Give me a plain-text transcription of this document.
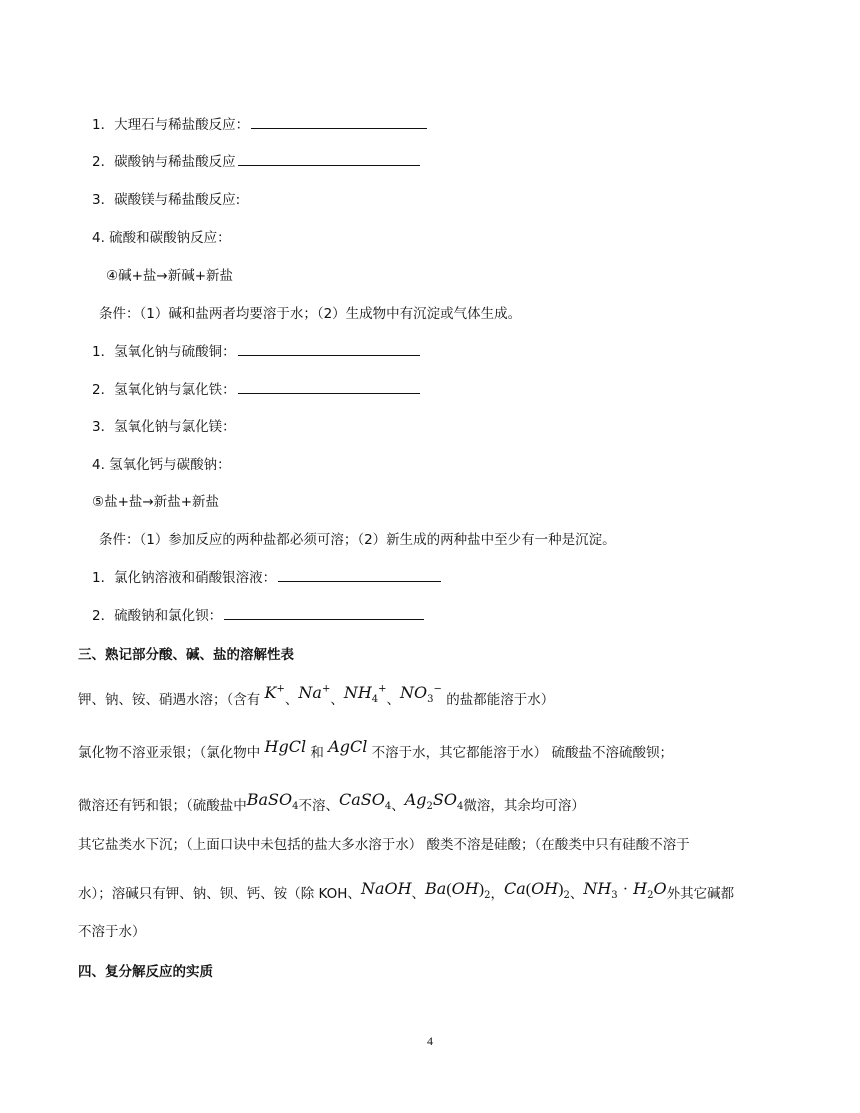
1．大理石与稀盐酸反应：
2．碳酸钠与稀盐酸反应
3．碳酸镁与稀盐酸反应:
4. 硫酸和碳酸钠反应：
④碱+盐→新碱+新盐
条件：（1）碱和盐两者均要溶于水；（2）生成物中有沉淀或气体生成。
1．氢氧化钠与硫酸铜：
2．氢氧化钠与氯化铁：
3．氢氧化钠与氯化镁：
4. 氢氧化钙与碳酸钠：
⑤盐+盐→新盐+新盐
条件：（1）参加反应的两种盐都必须可溶；（2）新生成的两种盐中至少有一种是沉淀。
1．氯化钠溶液和硝酸银溶液：
2．硫酸钠和氯化钡：
三、熟记部分酸、碱、盐的溶解性表
钾、钠、铵、硝遇水溶；（含有 K+、Na+、$NH_4^+$、$NO_3^-$ 的盐都能溶于水）
氯化物不溶亚汞银；（氯化物中 HgCl 和 AgCl 不溶于水，其它都能溶于水） 硫酸盐不溶硫酸钡；
微溶还有钙和银；（硫酸盐中BaSO$_4$不溶、CaSO$_4$、$Ag_2SO_4$微溶，其余均可溶）
其它盐类水下沉；（上面口诀中未包括的盐大多水溶于水） 酸类不溶是硅酸；（在酸类中只有硅酸不溶于
水）；溶碱只有钾、钠、钡、钙、铵（除 KOH、NaOH、$Ba(OH)_2$，$Ca(OH)_2$、$NH_3 \cdot H_2O$外其它碱都
不溶于水）
四、复分解反应的实质
4
